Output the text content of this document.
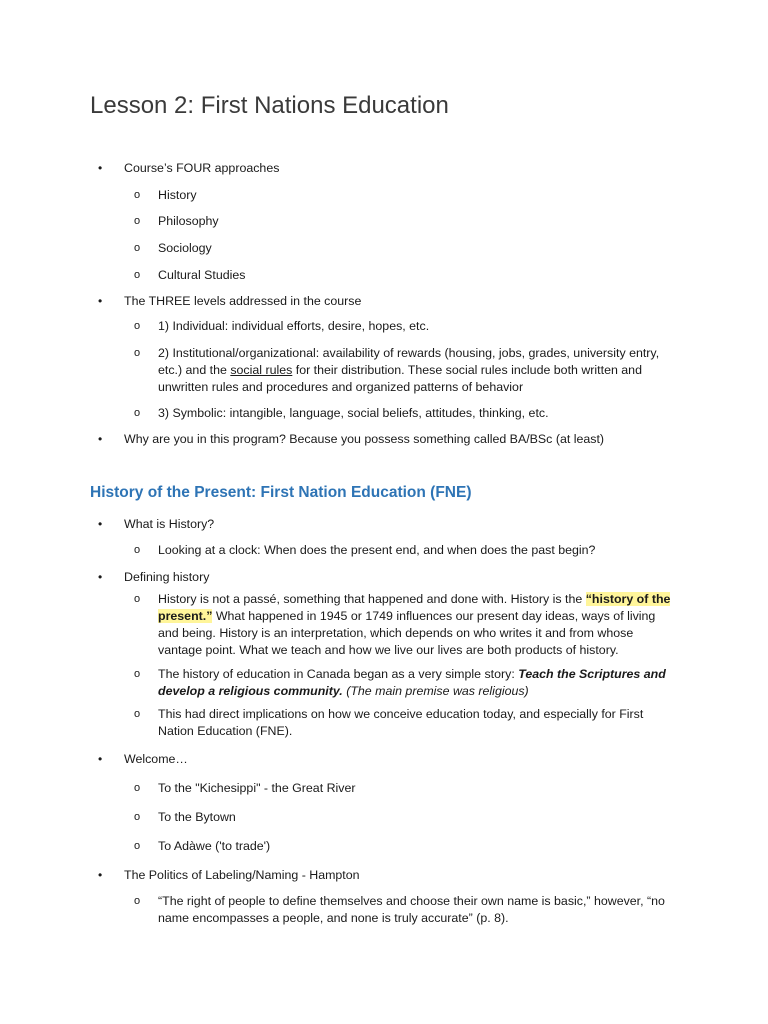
Lesson 2: First Nations Education
• Course’s FOUR approaches
o History
o Philosophy
o Sociology
o Cultural Studies
• The THREE levels addressed in the course
o 1) Individual: individual efforts, desire, hopes, etc.
o 2) Institutional/organizational: availability of rewards (housing, jobs, grades, university entry, etc.) and the social rules for their distribution. These social rules include both written and unwritten rules and procedures and organized patterns of behavior
o 3) Symbolic: intangible, language, social beliefs, attitudes, thinking, etc.
• Why are you in this program? Because you possess something called BA/BSc (at least)
History of the Present: First Nation Education (FNE)
• What is History?
o Looking at a clock: When does the present end, and when does the past begin?
• Defining history
o History is not a passé, something that happened and done with. History is the “history of the present.” What happened in 1945 or 1749 influences our present day ideas, ways of living and being. History is an interpretation, which depends on who writes it and from whose vantage point. What we teach and how we live our lives are both products of history.
o The history of education in Canada began as a very simple story: Teach the Scriptures and develop a religious community. (The main premise was religious)
o This had direct implications on how we conceive education today, and especially for First Nation Education (FNE).
• Welcome…
o To the "Kichesippi" - the Great River
o To the Bytown
o To Adàwe ('to trade')
• The Politics of Labeling/Naming - Hampton
o “The right of people to define themselves and choose their own name is basic,” however, “no name encompasses a people, and none is truly accurate” (p. 8).
